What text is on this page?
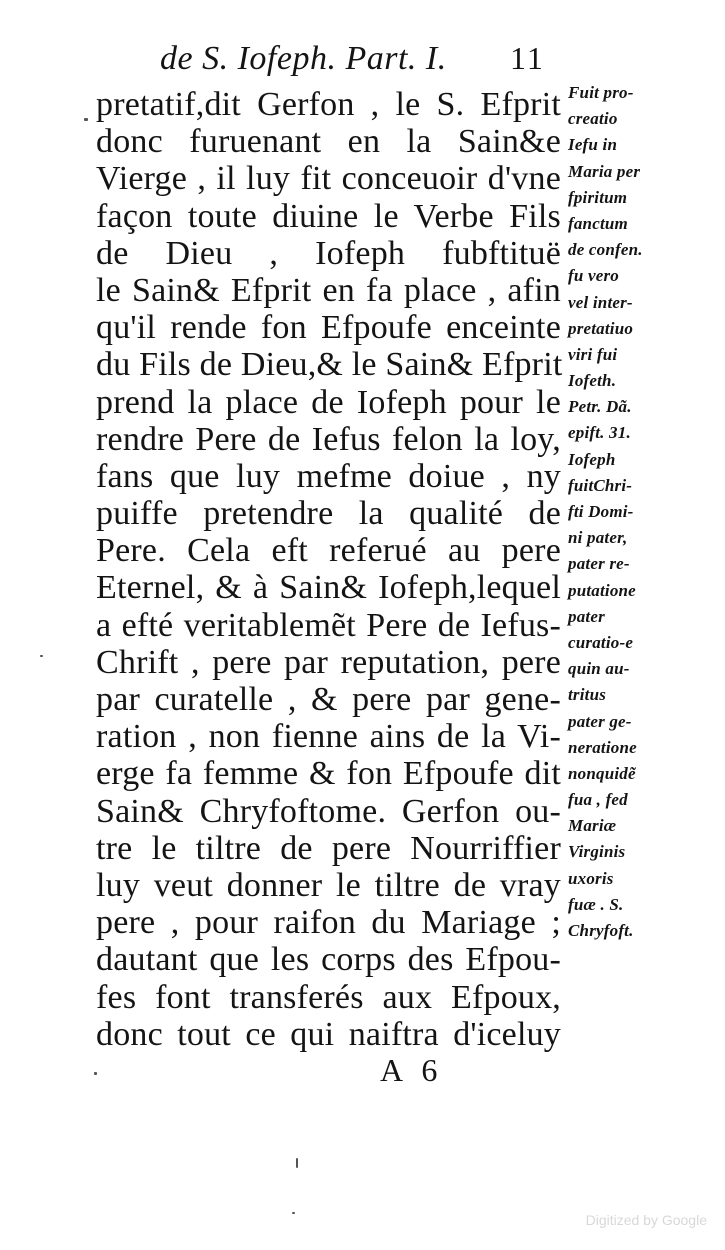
de S. Iofeph. Part. I. 11
pretatif,dit Gerfon , le S. Efprit
donc furuenant en la Sain&e
Vierge , il luy fit conceuoir d'vne
façon toute diuine le Verbe Fils
de Dieu , Iofeph fubftituë
le Sain& Efprit en fa place , afin
qu'il rende fon Efpoufe enceinte
du Fils de Dieu,& le Sain& Efprit
prend la place de Iofeph pour le
rendre Pere de Iefus felon la loy,
fans que luy mefme doiue , ny
puiffe pretendre la qualité de
Pere. Cela eft referué au pere
Eternel, & à Sain& Iofeph,lequel
a efté veritablemẽt Pere de Iefus-
Chrift , pere par reputation, pere
par curatelle , & pere par gene-
ration , non fienne ains de la Vi-
erge fa femme & fon Efpoufe dit
Sain& Chryfoftome. Gerfon ou-
tre le tiltre de pere Nourriffier
luy veut donner le tiltre de vray
pere , pour raifon du Mariage ;
dautant que les corps des Efpou-
fes font transferés aux Efpoux,
donc tout ce qui naiftra d'iceluy
Fuit pro-
creatio
Iefu in
Maria per
fpiritum
fanctum
de confen.
fu vero
vel inter-
pretatiuo
viri fui
Iofeth.
Petr. Dã.
epift. 31.
Iofeph
fuitChri-
fti Domi-
ni pater,
pater re-
putatione
pater
curatio-e
quin au-
tritus
pater ge-
neratione
nonquidẽ
fua , fed
Mariæ
Virginis
uxoris
fuæ . S.
Chryfoft.
A 6
Digitized by Google
